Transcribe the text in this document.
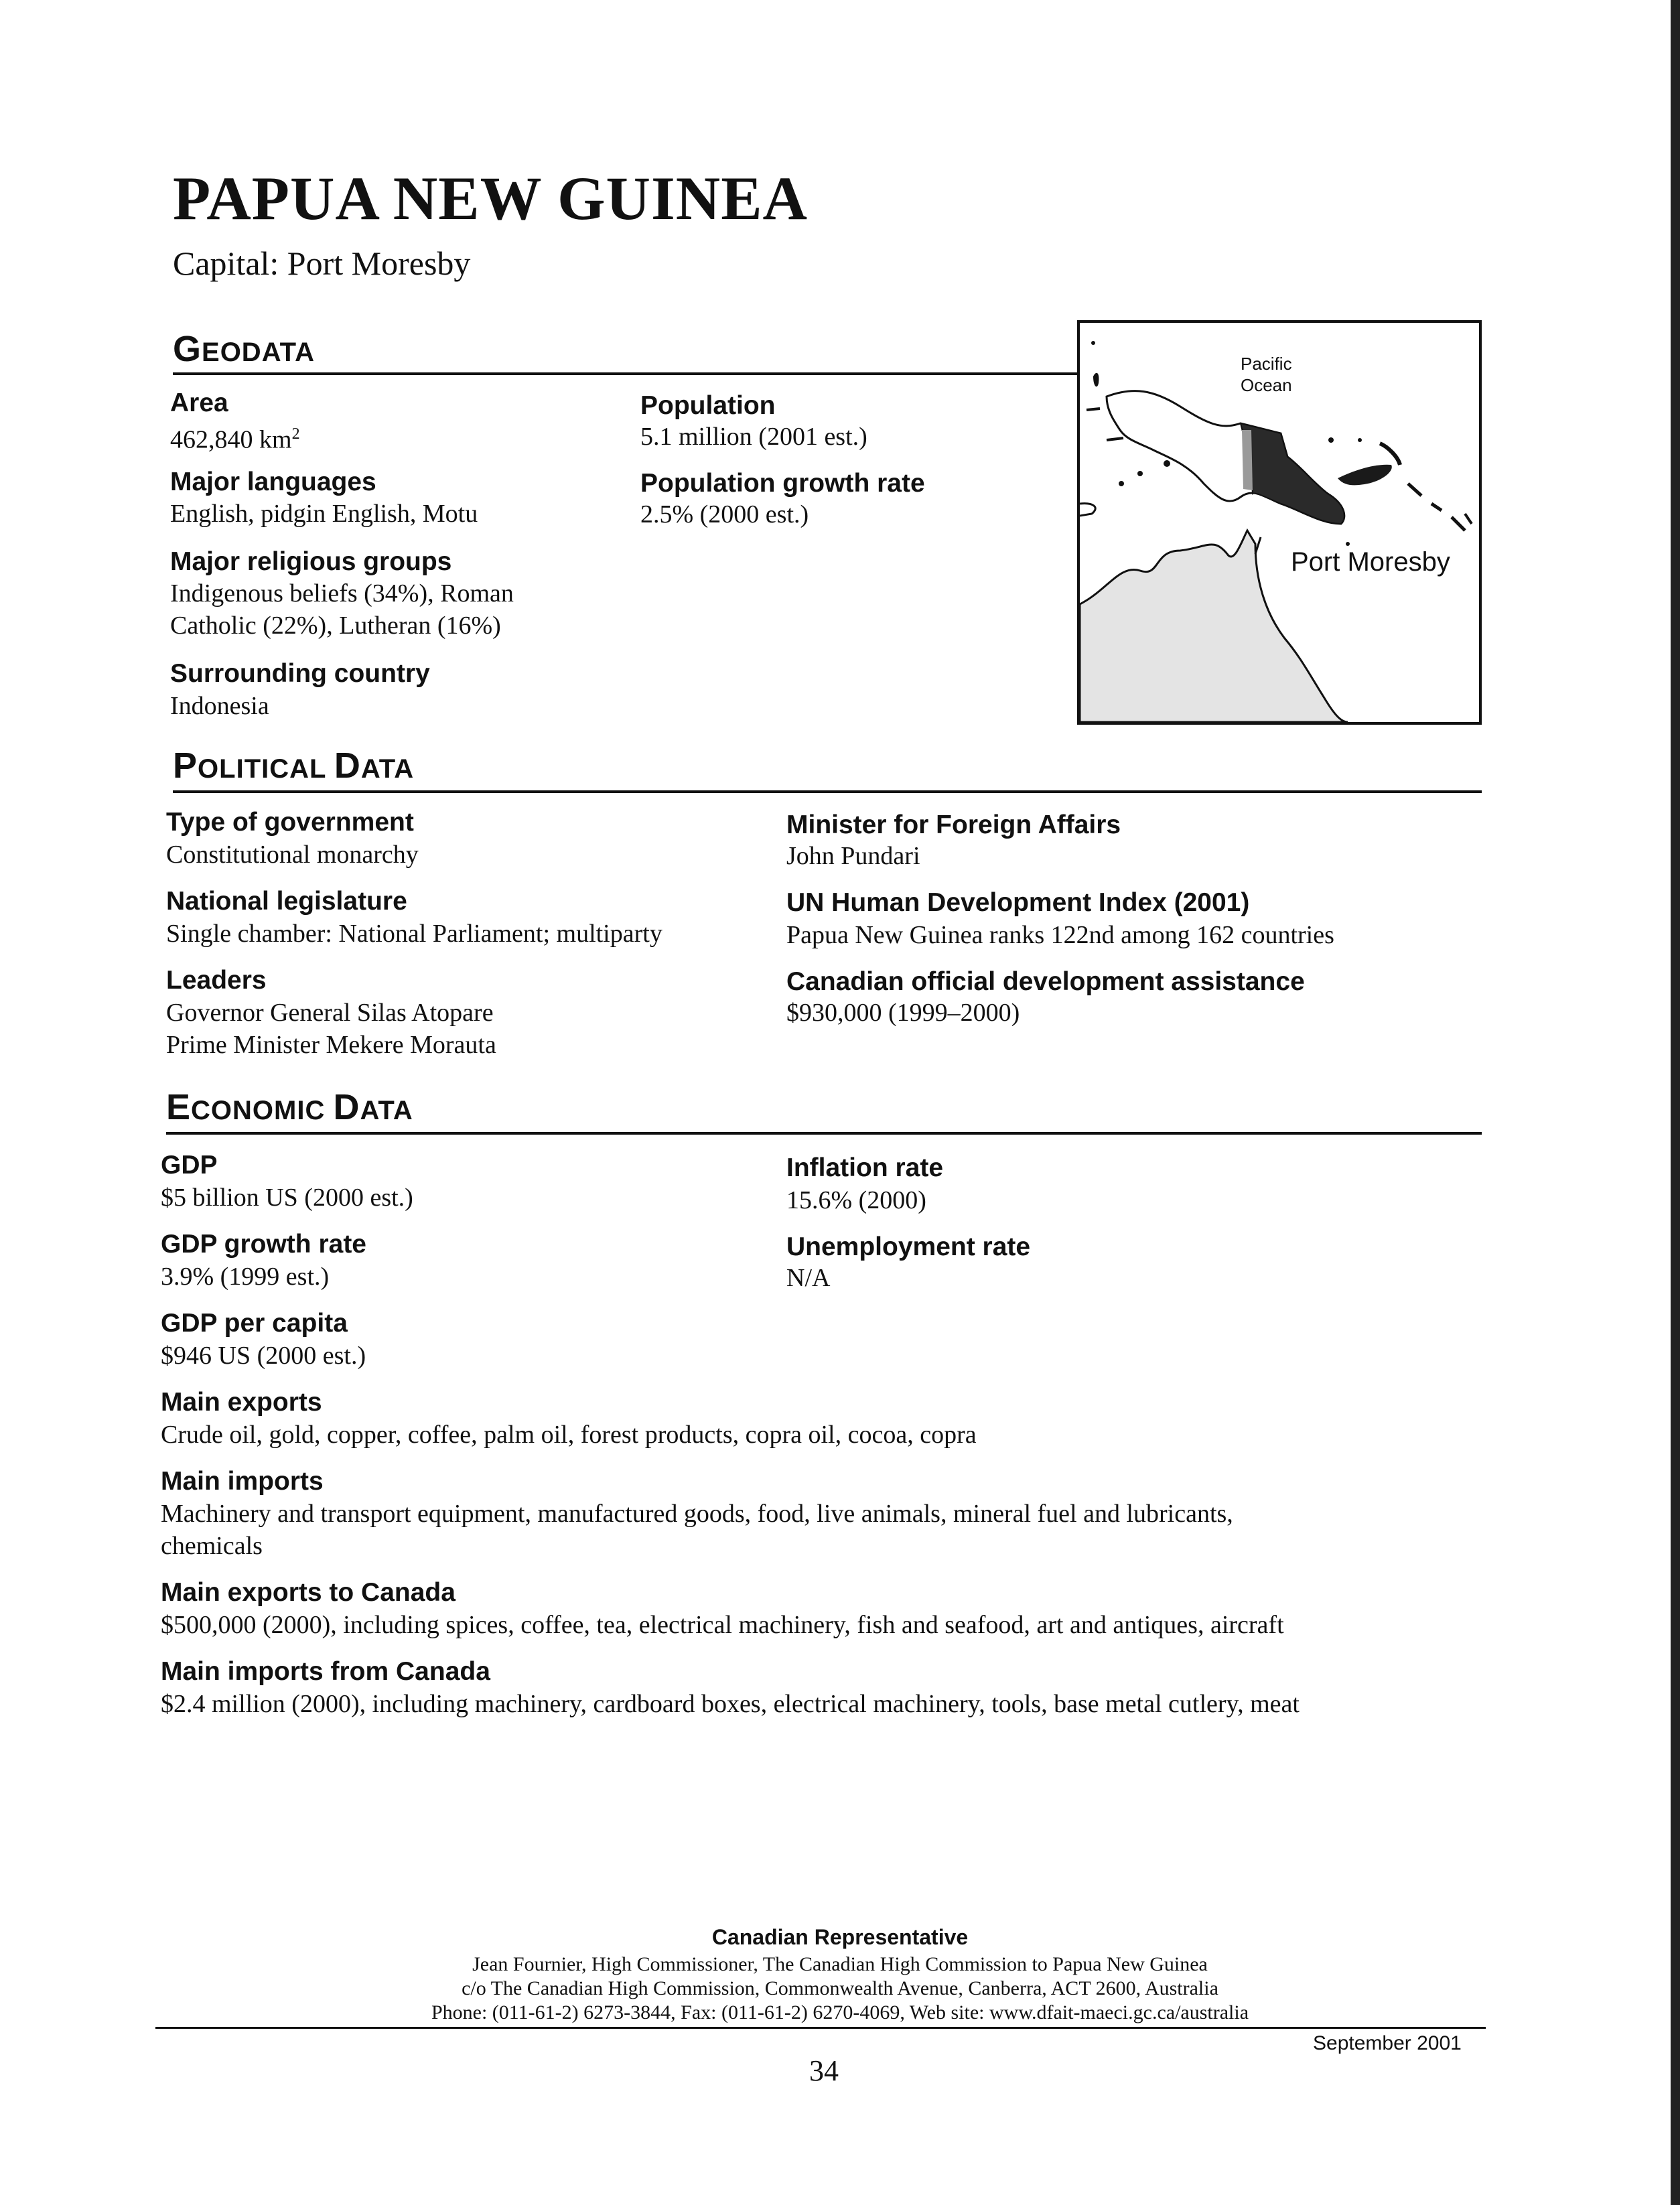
PAPUA NEW GUINEA
Capital: Port Moresby
GEODATA
Area
462,840 $km^2$
Major languages
English, pidgin English, Motu
Major religious groups
Indigenous beliefs (34%), Roman
Catholic (22%), Lutheran (16%)
Surrounding country
Indonesia
Population
5.1 million (2001 est.)
Population growth rate
2.5% (2000 est.)
Pacific
Ocean
Port Moresby
POLITICAL DATA
Type of government
Constitutional monarchy
National legislature
Single chamber: National Parliament; multiparty
Leaders
Governor General Silas Atopare
Prime Minister Mekere Morauta
Minister for Foreign Affairs
John Pundari
UN Human Development Index (2001)
Papua New Guinea ranks 122nd among 162 countries
Canadian official development assistance
$930,000 (1999–2000)
ECONOMIC DATA
GDP
$5 billion US (2000 est.)
GDP growth rate
3.9% (1999 est.)
GDP per capita
$946 US (2000 est.)
Inflation rate
15.6% (2000)
Unemployment rate
N/A
Main exports
Crude oil, gold, copper, coffee, palm oil, forest products, copra oil, cocoa, copra
Main imports
Machinery and transport equipment, manufactured goods, food, live animals, mineral fuel and lubricants,
chemicals
Main exports to Canada
$500,000 (2000), including spices, coffee, tea, electrical machinery, fish and seafood, art and antiques, aircraft
Main imports from Canada
$2.4 million (2000), including machinery, cardboard boxes, electrical machinery, tools, base metal cutlery, meat
Canadian Representative
Jean Fournier, High Commissioner, The Canadian High Commission to Papua New Guinea
c/o The Canadian High Commission, Commonwealth Avenue, Canberra, ACT 2600, Australia
Phone: (011-61-2) 6273-3844, Fax: (011-61-2) 6270-4069, Web site: www.dfait-maeci.gc.ca/australia
September 2001
34
